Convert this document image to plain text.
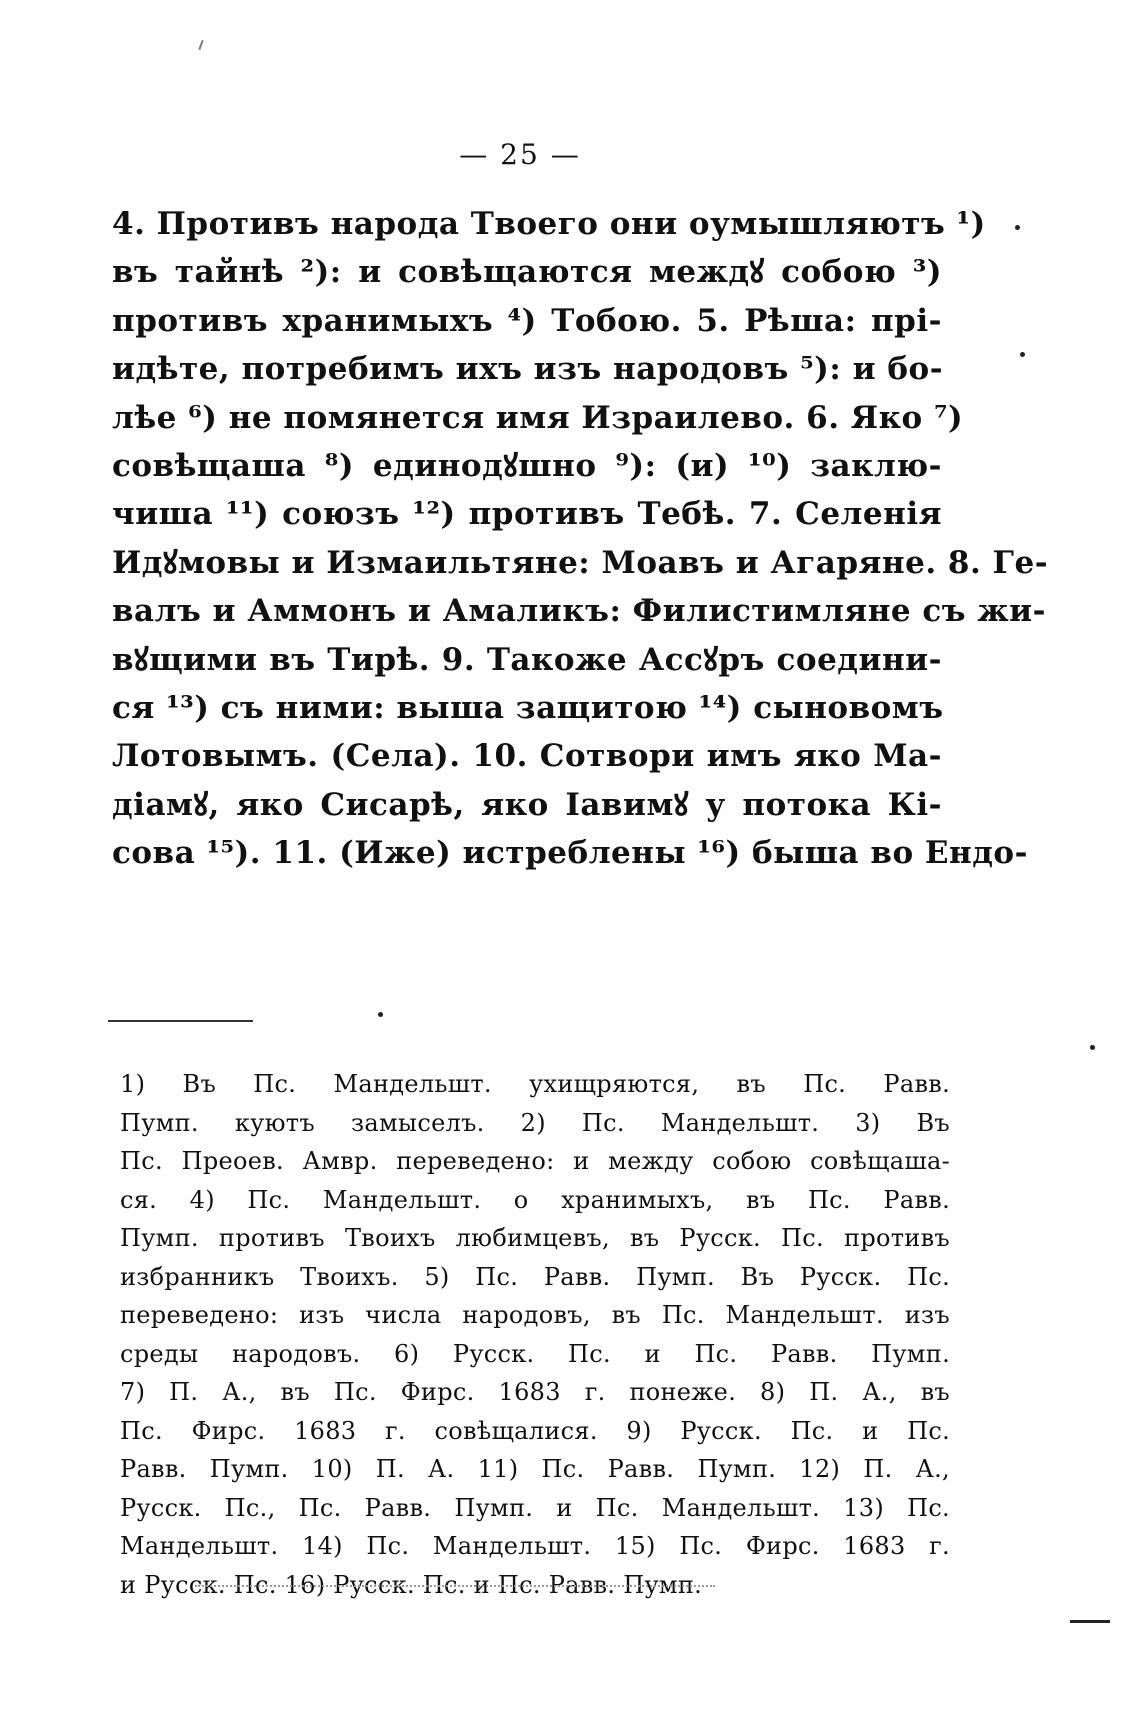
— 25 —
4. Противъ народа Твоего они оумышляютъ ¹)
въ тайнѣ ²): и совѣщаются междꙋ собою ³)
противъ хранимыхъ ⁴) Тобою. 5. Рѣша: прі-
идѣте, потребимъ ихъ изъ народовъ ⁵): и бо-
лѣе ⁶) не помянется имя Израилево. 6. Яко ⁷)
совѣщаша ⁸) единодꙋшно ⁹): (и) ¹⁰) заклю-
чиша ¹¹) союзъ ¹²) противъ Тебѣ. 7. Селенія
Идꙋмовы и Измаильтяне: Моавъ и Агаряне. 8. Ге-
валъ и Аммонъ и Амаликъ: Филистимляне съ жи-
вꙋщими въ Тирѣ. 9. Такоже Ассꙋръ соедини-
ся ¹³) съ ними: выша защитою ¹⁴) сыновомъ
Лотовымъ. (Села). 10. Сотвори имъ яко Ма-
діамꙋ, яко Сисарѣ, яко Іавимꙋ у потока Кі-
сова ¹⁵). 11. (Иже) истреблены ¹⁶) быша во Ендо-
1) Въ Пс. Мандельшт. ухищряются, въ Пс. Равв.
Пумп. куютъ замыселъ. 2) Пс. Мандельшт. 3) Въ
Пс. Преоев. Амвр. переведено: и между собою совѣщаша-
ся. 4) Пс. Мандельшт. о хранимыхъ, въ Пс. Равв.
Пумп. противъ Твоихъ любимцевъ, въ Русск. Пс. противъ
избранникъ Твоихъ. 5) Пс. Равв. Пумп. Въ Русск. Пс.
переведено: изъ числа народовъ, въ Пс. Мандельшт. изъ
среды народовъ. 6) Русск. Пс. и Пс. Равв. Пумп.
7) П. А., въ Пс. Фирс. 1683 г. понеже. 8) П. А., въ
Пс. Фирс. 1683 г. совѣщалися. 9) Русск. Пс. и Пс.
Равв. Пумп. 10) П. А. 11) Пс. Равв. Пумп. 12) П. А.,
Русск. Пс., Пс. Равв. Пумп. и Пс. Мандельшт. 13) Пс.
Мандельшт. 14) Пс. Мандельшт. 15) Пс. Фирс. 1683 г.
и Русск. Пс. 16) Русск. Пс. и Пс. Равв. Пумп.
